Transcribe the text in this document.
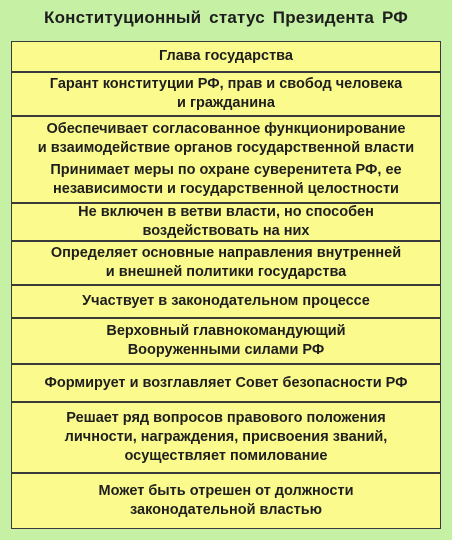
Конституционный статус Президента РФ
Глава государства
Гарант конституции РФ, прав и свобод человека
и гражданина
Обеспечивает согласованное функционирование
и взаимодействие органов государственной власти
Принимает меры по охране суверенитета РФ, ее
независимости и государственной целостности
Не включен в ветви власти, но способен
воздействовать на них
Определяет основные направления внутренней
и внешней политики государства
Участвует в законодательном процессе
Верховный главнокомандующий
Вооруженными силами РФ
Формирует и возглавляет Совет безопасности РФ
Решает ряд вопросов правового положения
личности, награждения, присвоения званий,
осуществляет помилование
Может быть отрешен от должности
законодательной властью
